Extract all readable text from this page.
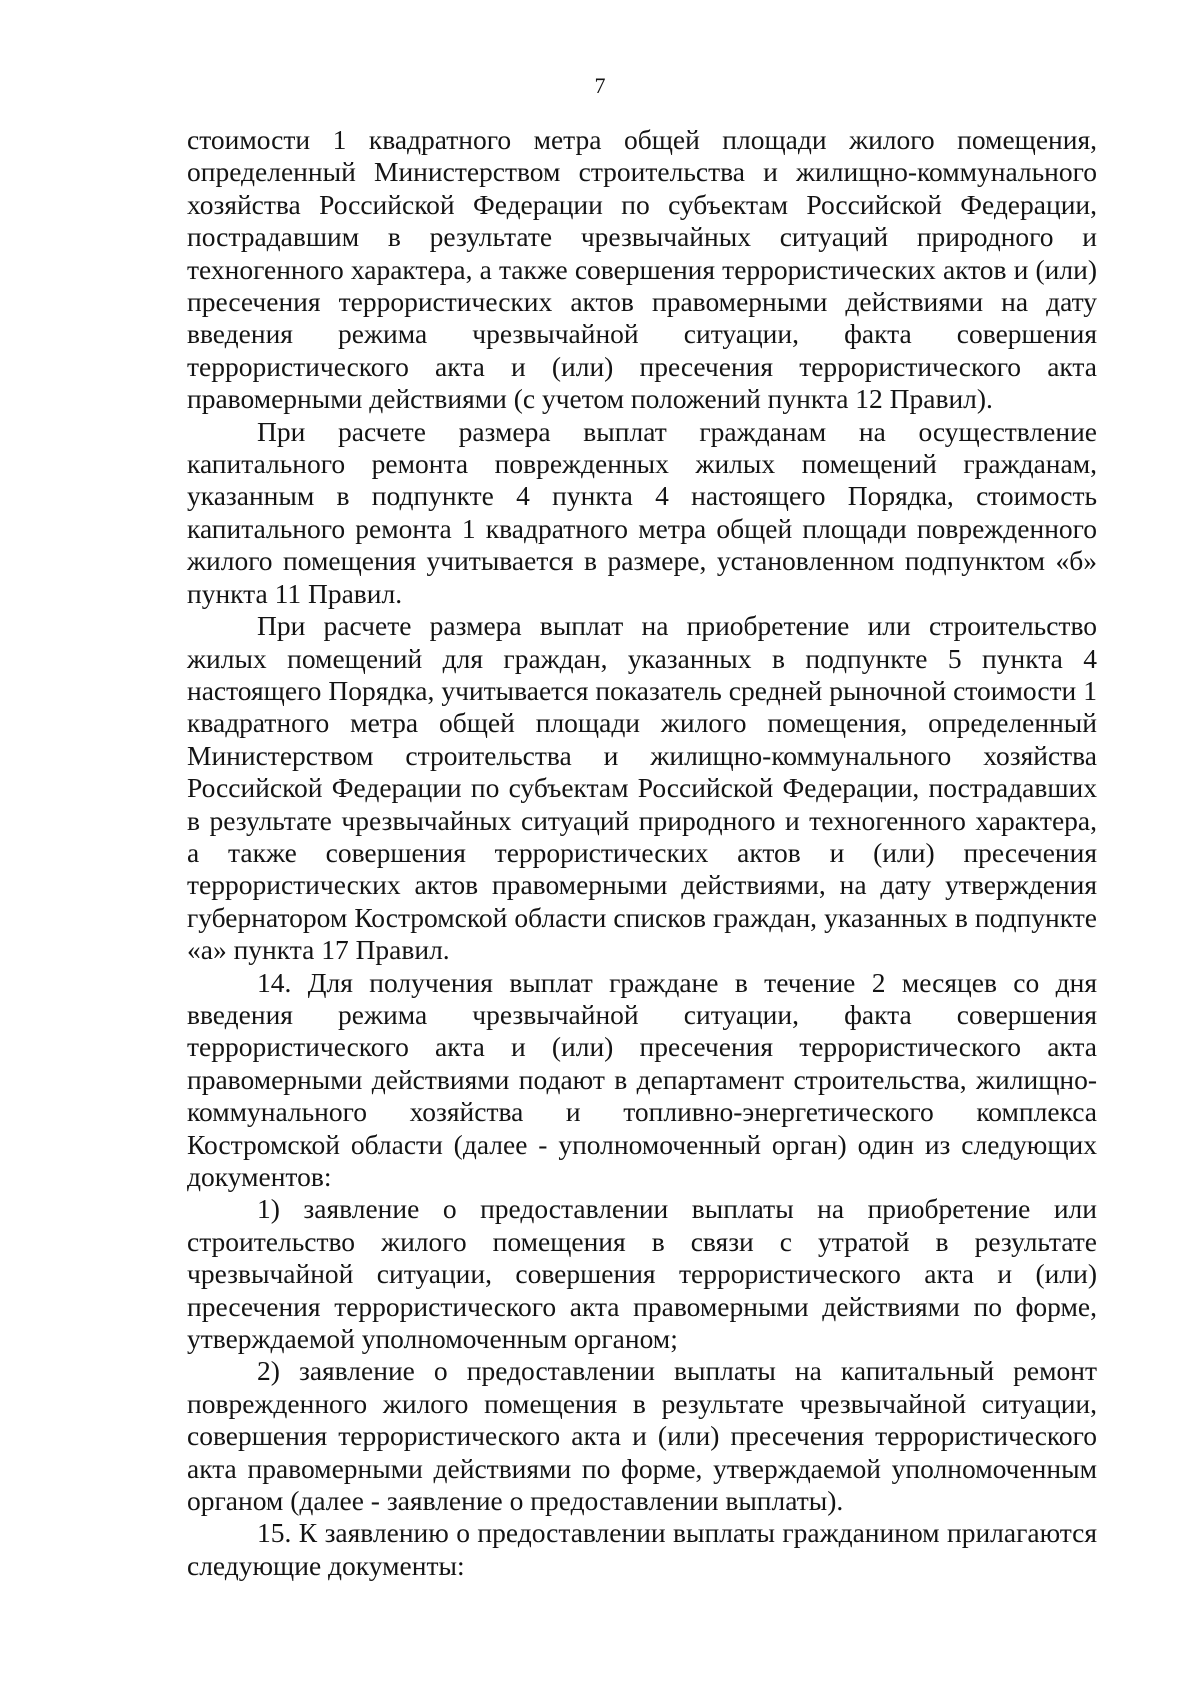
7

стоимости 1 квадратного метра общей площади жилого помещения, определенный Министерством строительства и жилищно-коммунального хозяйства Российской Федерации по субъектам Российской Федерации, пострадавшим в результате чрезвычайных ситуаций природного и техногенного характера, а также совершения террористических актов и (или) пресечения террористических актов правомерными действиями на дату введения режима чрезвычайной ситуации, факта совершения террористического акта и (или) пресечения террористического акта правомерными действиями (с учетом положений пункта 12 Правил).

При расчете размера выплат гражданам на осуществление капитального ремонта поврежденных жилых помещений гражданам, указанным в подпункте 4 пункта 4 настоящего Порядка, стоимость капитального ремонта 1 квадратного метра общей площади поврежденного жилого помещения учитывается в размере, установленном подпунктом «б» пункта 11 Правил.

При расчете размера выплат на приобретение или строительство жилых помещений для граждан, указанных в подпункте 5 пункта 4 настоящего Порядка, учитывается показатель средней рыночной стоимости 1 квадратного метра общей площади жилого помещения, определенный Министерством строительства и жилищно-коммунального хозяйства Российской Федерации по субъектам Российской Федерации, пострадавших в результате чрезвычайных ситуаций природного и техногенного характера, а также совершения террористических актов и (или) пресечения террористических актов правомерными действиями, на дату утверждения губернатором Костромской области списков граждан, указанных в подпункте «а» пункта 17 Правил.

14. Для получения выплат граждане в течение 2 месяцев со дня введения режима чрезвычайной ситуации, факта совершения террористического акта и (или) пресечения террористического акта правомерными действиями подают в департамент строительства, жилищно-коммунального хозяйства и топливно-энергетического комплекса Костромской области (далее - уполномоченный орган) один из следующих документов:

1) заявление о предоставлении выплаты на приобретение или строительство жилого помещения в связи с утратой в результате чрезвычайной ситуации, совершения террористического акта и (или) пресечения террористического акта правомерными действиями по форме, утверждаемой уполномоченным органом;

2) заявление о предоставлении выплаты на капитальный ремонт поврежденного жилого помещения в результате чрезвычайной ситуации, совершения террористического акта и (или) пресечения террористического акта правомерными действиями по форме, утверждаемой уполномоченным органом (далее - заявление о предоставлении выплаты).

15. К заявлению о предоставлении выплаты гражданином прилагаются следующие документы:
